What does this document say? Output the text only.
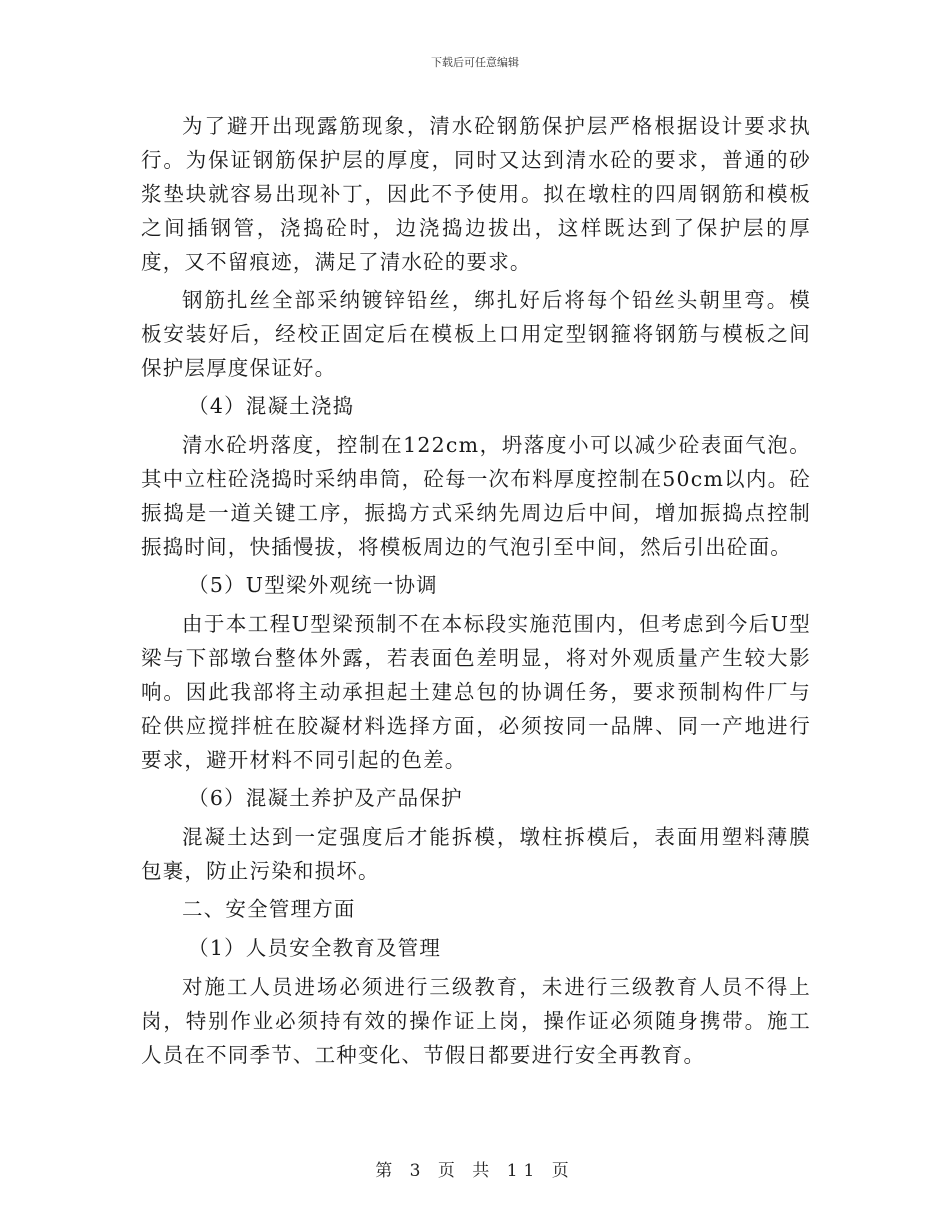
下载后可任意编辑

为了避开出现露筋现象，清水砼钢筋保护层严格根据设计要求执行。为保证钢筋保护层的厚度，同时又达到清水砼的要求，普通的砂浆垫块就容易出现补丁，因此不予使用。拟在墩柱的四周钢筋和模板之间插钢管，浇捣砼时，边浇捣边拔出，这样既达到了保护层的厚度，又不留痕迹，满足了清水砼的要求。

钢筋扎丝全部采纳镀锌铅丝，绑扎好后将每个铅丝头朝里弯。模板安装好后，经校正固定后在模板上口用定型钢箍将钢筋与模板之间保护层厚度保证好。

（4）混凝土浇捣

清水砼坍落度，控制在122cm，坍落度小可以减少砼表面气泡。其中立柱砼浇捣时采纳串筒，砼每一次布料厚度控制在50cm以内。砼振捣是一道关键工序，振捣方式采纳先周边后中间，增加振捣点控制振捣时间，快插慢拔，将模板周边的气泡引至中间，然后引出砼面。

（5）U型梁外观统一协调

由于本工程U型梁预制不在本标段实施范围内，但考虑到今后U型梁与下部墩台整体外露，若表面色差明显，将对外观质量产生较大影响。因此我部将主动承担起土建总包的协调任务，要求预制构件厂与砼供应搅拌桩在胶凝材料选择方面，必须按同一品牌、同一产地进行要求，避开材料不同引起的色差。

（6）混凝土养护及产品保护

混凝土达到一定强度后才能拆模，墩柱拆模后，表面用塑料薄膜包裹，防止污染和损坏。

二、安全管理方面

（1）人员安全教育及管理

对施工人员进场必须进行三级教育，未进行三级教育人员不得上岗，特别作业必须持有效的操作证上岗，操作证必须随身携带。施工人员在不同季节、工种变化、节假日都要进行安全再教育。

第 3 页 共 11 页
